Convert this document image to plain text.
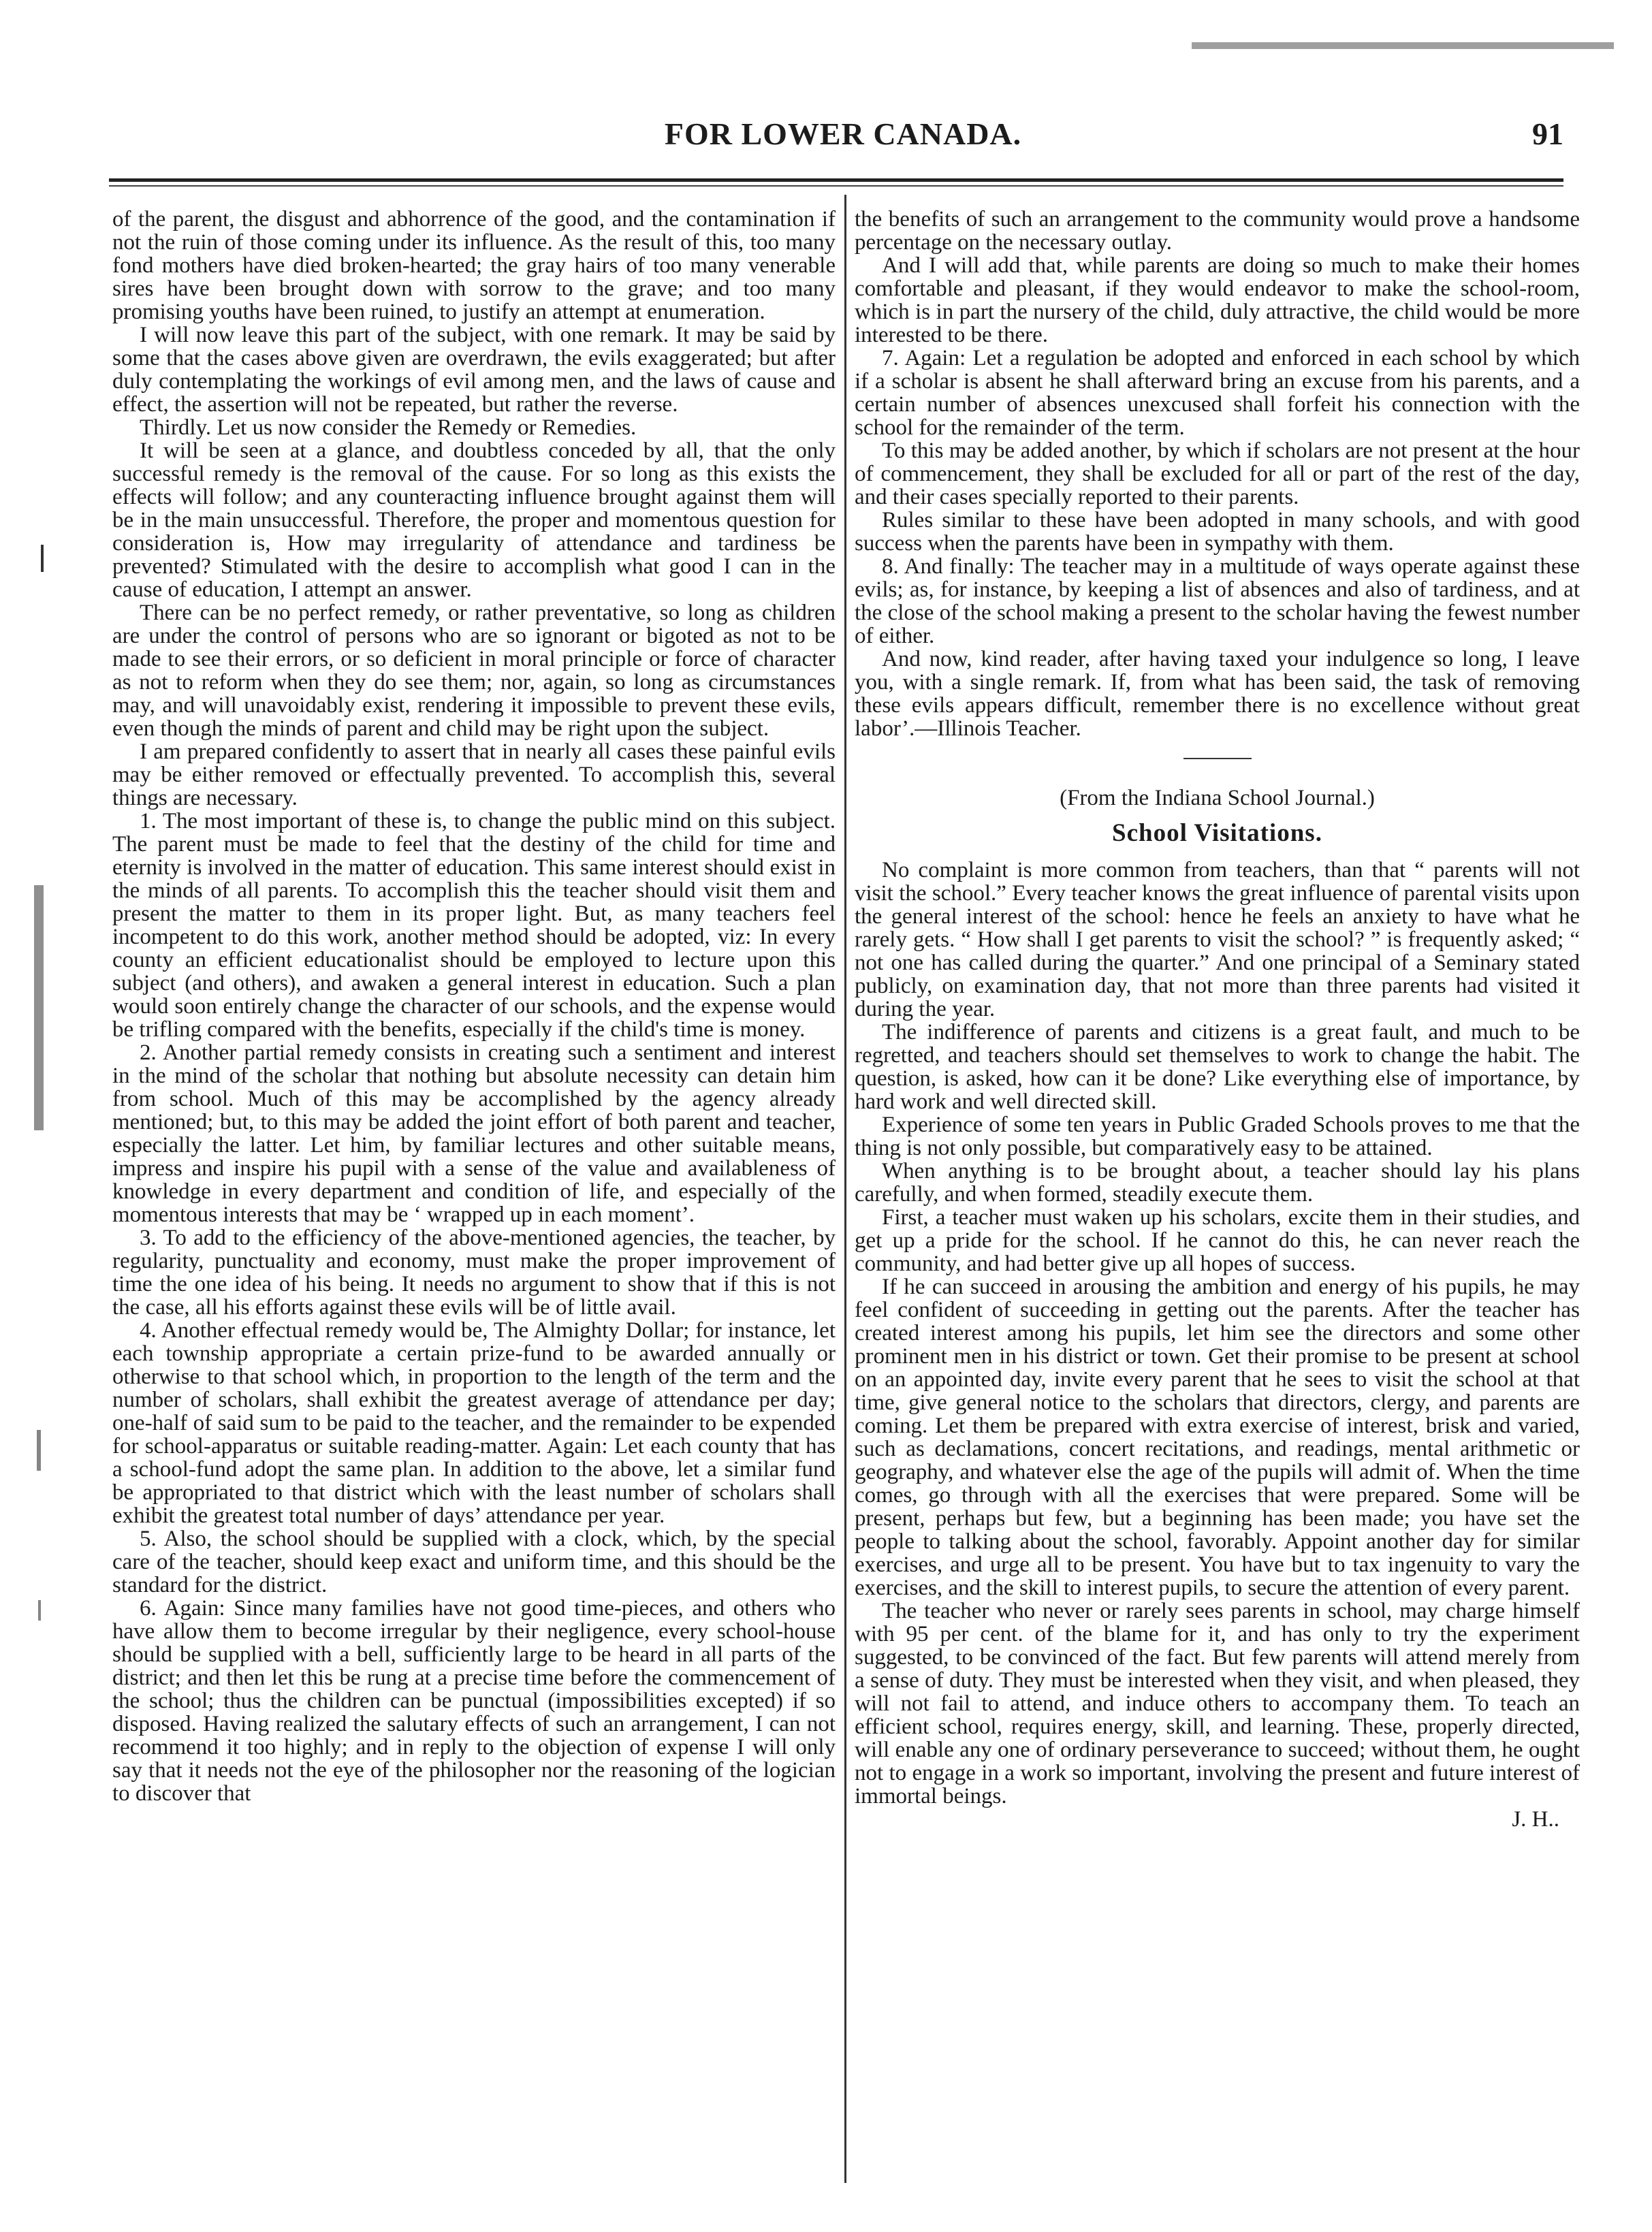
FOR LOWER CANADA.	91

of the parent, the disgust and abhorrence of the good, and the contamination if not the ruin of those coming under its influence. As the result of this, too many fond mothers have died broken-hearted; the gray hairs of too many venerable sires have been brought down with sorrow to the grave; and too many promising youths have been ruined, to justify an attempt at enumeration.

I will now leave this part of the subject, with one remark. It may be said by some that the cases above given are overdrawn, the evils exaggerated; but after duly contemplating the workings of evil among men, and the laws of cause and effect, the assertion will not be repeated, but rather the reverse.

Thirdly. Let us now consider the Remedy or Remedies.

It will be seen at a glance, and doubtless conceded by all, that the only successful remedy is the removal of the cause. For so long as this exists the effects will follow; and any counteracting influence brought against them will be in the main unsuccessful. Therefore, the proper and momentous question for consideration is, How may irregularity of attendance and tardiness be prevented? Stimulated with the desire to accomplish what good I can in the cause of education, I attempt an answer.

There can be no perfect remedy, or rather preventative, so long as children are under the control of persons who are so ignorant or bigoted as not to be made to see their errors, or so deficient in moral principle or force of character as not to reform when they do see them; nor, again, so long as circumstances may, and will unavoidably exist, rendering it impossible to prevent these evils, even though the minds of parent and child may be right upon the subject.

I am prepared confidently to assert that in nearly all cases these painful evils may be either removed or effectually prevented. To accomplish this, several things are necessary.

1. The most important of these is, to change the public mind on this subject. The parent must be made to feel that the destiny of the child for time and eternity is involved in the matter of education. This same interest should exist in the minds of all parents. To accomplish this the teacher should visit them and present the matter to them in its proper light. But, as many teachers feel incompetent to do this work, another method should be adopted, viz: In every county an efficient educationalist should be employed to lecture upon this subject (and others), and awaken a general interest in education. Such a plan would soon entirely change the character of our schools, and the expense would be trifling compared with the benefits, especially if the child's time is money.

2. Another partial remedy consists in creating such a sentiment and interest in the mind of the scholar that nothing but absolute necessity can detain him from school. Much of this may be accomplished by the agency already mentioned; but, to this may be added the joint effort of both parent and teacher, especially the latter. Let him, by familiar lectures and other suitable means, impress and inspire his pupil with a sense of the value and availableness of knowledge in every department and condition of life, and especially of the momentous interests that may be ‘ wrapped up in each moment’.

3. To add to the efficiency of the above-mentioned agencies, the teacher, by regularity, punctuality and economy, must make the proper improvement of time the one idea of his being. It needs no argument to show that if this is not the case, all his efforts against these evils will be of little avail.

4. Another effectual remedy would be, The Almighty Dollar; for instance, let each township appropriate a certain prize-fund to be awarded annually or otherwise to that school which, in proportion to the length of the term and the number of scholars, shall exhibit the greatest average of attendance per day; one-half of said sum to be paid to the teacher, and the remainder to be expended for school-apparatus or suitable reading-matter. Again: Let each county that has a school-fund adopt the same plan. In addition to the above, let a similar fund be appropriated to that district which with the least number of scholars shall exhibit the greatest total number of days’ attendance per year.

5. Also, the school should be supplied with a clock, which, by the special care of the teacher, should keep exact and uniform time, and this should be the standard for the district.

6. Again: Since many families have not good time-pieces, and others who have allow them to become irregular by their negligence, every school-house should be supplied with a bell, sufficiently large to be heard in all parts of the district; and then let this be rung at a precise time before the commencement of the school; thus the children can be punctual (impossibilities excepted) if so disposed. Having realized the salutary effects of such an arrangement, I can not recommend it too highly; and in reply to the objection of expense I will only say that it needs not the eye of the philosopher nor the reasoning of the logician to discover that

the benefits of such an arrangement to the community would prove a handsome percentage on the necessary outlay.

And I will add that, while parents are doing so much to make their homes comfortable and pleasant, if they would endeavor to make the school-room, which is in part the nursery of the child, duly attractive, the child would be more interested to be there.

7. Again: Let a regulation be adopted and enforced in each school by which if a scholar is absent he shall afterward bring an excuse from his parents, and a certain number of absences unexcused shall forfeit his connection with the school for the remainder of the term.

To this may be added another, by which if scholars are not present at the hour of commencement, they shall be excluded for all or part of the rest of the day, and their cases specially reported to their parents.

Rules similar to these have been adopted in many schools, and with good success when the parents have been in sympathy with them.

8. And finally: The teacher may in a multitude of ways operate against these evils; as, for instance, by keeping a list of absences and also of tardiness, and at the close of the school making a present to the scholar having the fewest number of either.

And now, kind reader, after having taxed your indulgence so long, I leave you, with a single remark. If, from what has been said, the task of removing these evils appears difficult, remember there is no excellence without great labor’.—Illinois Teacher.

(From the Indiana School Journal.)

School Visitations.

No complaint is more common from teachers, than that “ parents will not visit the school.” Every teacher knows the great influence of parental visits upon the general interest of the school: hence he feels an anxiety to have what he rarely gets. “ How shall I get parents to visit the school? ” is frequently asked; “ not one has called during the quarter.” And one principal of a Seminary stated publicly, on examination day, that not more than three parents had visited it during the year.

The indifference of parents and citizens is a great fault, and much to be regretted, and teachers should set themselves to work to change the habit. The question, is asked, how can it be done? Like everything else of importance, by hard work and well directed skill.

Experience of some ten years in Public Graded Schools proves to me that the thing is not only possible, but comparatively easy to be attained.

When anything is to be brought about, a teacher should lay his plans carefully, and when formed, steadily execute them.

First, a teacher must waken up his scholars, excite them in their studies, and get up a pride for the school. If he cannot do this, he can never reach the community, and had better give up all hopes of success.

If he can succeed in arousing the ambition and energy of his pupils, he may feel confident of succeeding in getting out the parents. After the teacher has created interest among his pupils, let him see the directors and some other prominent men in his district or town. Get their promise to be present at school on an appointed day, invite every parent that he sees to visit the school at that time, give general notice to the scholars that directors, clergy, and parents are coming. Let them be prepared with extra exercise of interest, brisk and varied, such as declamations, concert recitations, and readings, mental arithmetic or geography, and whatever else the age of the pupils will admit of. When the time comes, go through with all the exercises that were prepared. Some will be present, perhaps but few, but a beginning has been made; you have set the people to talking about the school, favorably. Appoint another day for similar exercises, and urge all to be present. You have but to tax ingenuity to vary the exercises, and the skill to interest pupils, to secure the attention of every parent.

The teacher who never or rarely sees parents in school, may charge himself with 95 per cent. of the blame for it, and has only to try the experiment suggested, to be convinced of the fact. But few parents will attend merely from a sense of duty. They must be interested when they visit, and when pleased, they will not fail to attend, and induce others to accompany them. To teach an efficient school, requires energy, skill, and learning. These, properly directed, will enable any one of ordinary perseverance to succeed; without them, he ought not to engage in a work so important, involving the present and future interest of immortal beings.

J. H..
